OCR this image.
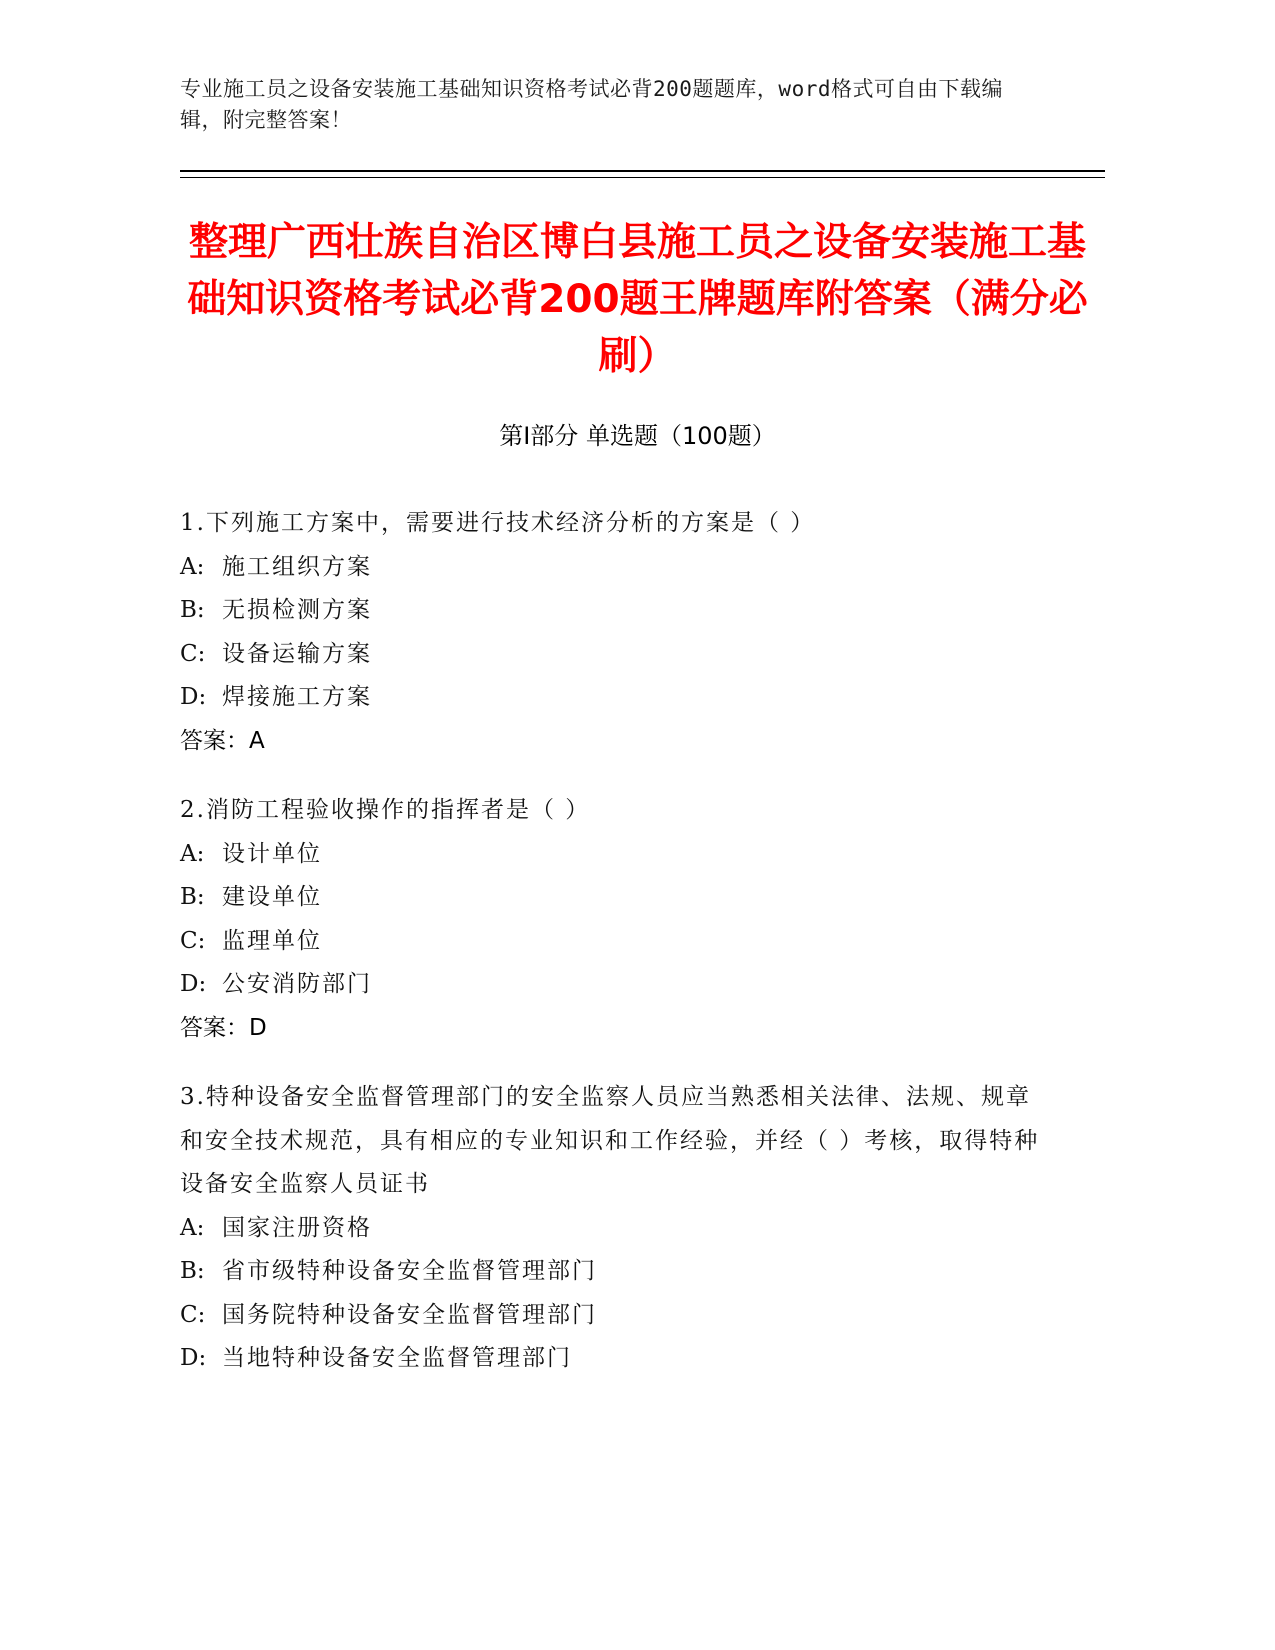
专业施工员之设备安装施工基础知识资格考试必背200题题库，word格式可自由下载编辑，附完整答案！
整理广西壮族自治区博白县施工员之设备安装施工基础知识资格考试必背200题王牌题库附答案（满分必刷）
第I部分 单选题（100题）
1.下列施工方案中，需要进行技术经济分析的方案是（ ）
A: 施工组织方案
B: 无损检测方案
C: 设备运输方案
D: 焊接施工方案
答案：A
2.消防工程验收操作的指挥者是（ ）
A: 设计单位
B: 建设单位
C: 监理单位
D: 公安消防部门
答案：D
3.特种设备安全监督管理部门的安全监察人员应当熟悉相关法律、法规、规章和安全技术规范，具有相应的专业知识和工作经验，并经（ ）考核，取得特种设备安全监察人员证书
A: 国家注册资格
B: 省市级特种设备安全监督管理部门
C: 国务院特种设备安全监督管理部门
D: 当地特种设备安全监督管理部门
